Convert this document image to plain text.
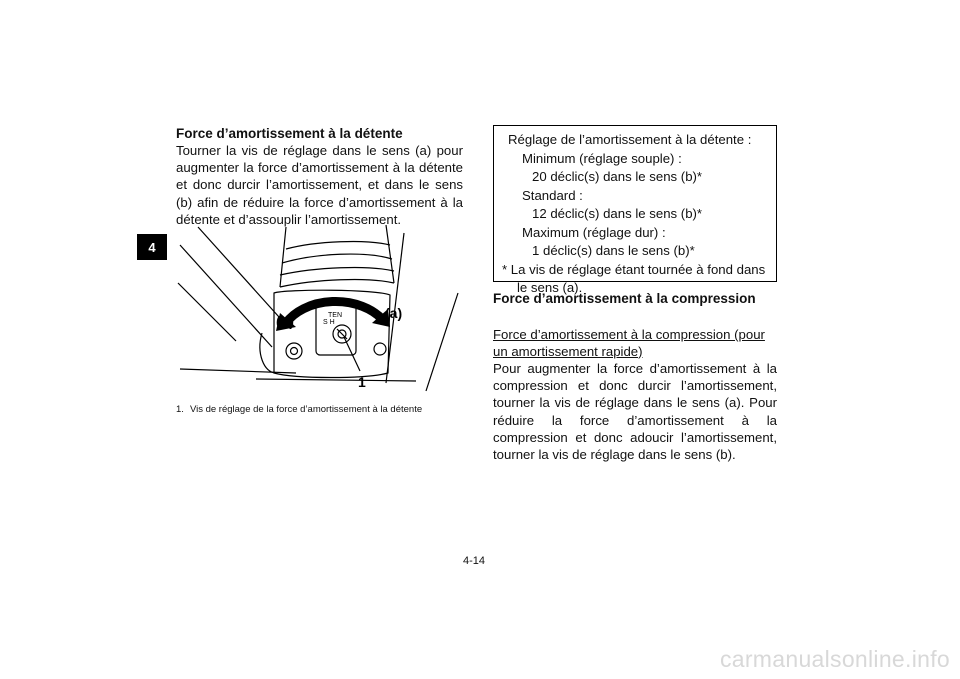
4

Force d’amortissement à la détente

Tourner la vis de réglage dans le sens (a) pour augmenter la force d’amortissement à la détente et donc durcir l’amortissement, et dans le sens (b) afin de réduire la force d’amortissement à la détente et d’assouplir l’amortissement.

TEN
S H
(b)	(a)
1
1. Vis de réglage de la force d’amortissement à la détente
Réglage de l’amortissement à la détente :
Minimum (réglage souple) :
20 déclic(s) dans le sens (b)*
Standard :
12 déclic(s) dans le sens (b)*
Maximum (réglage dur) :
1 déclic(s) dans le sens (b)*
* La vis de réglage étant tournée à fond dans
le sens (a).

Force d’amortissement à la compression

Force d’amortissement à la compression (pour un amortissement rapide)

Pour augmenter la force d’amortissement à la compression et donc durcir l’amortissement, tourner la vis de réglage dans le sens (a). Pour réduire la force d’amortissement à la compression et donc adoucir l’amortissement, tourner la vis de réglage dans le sens (b).

4-14
carmanualsonline.info
